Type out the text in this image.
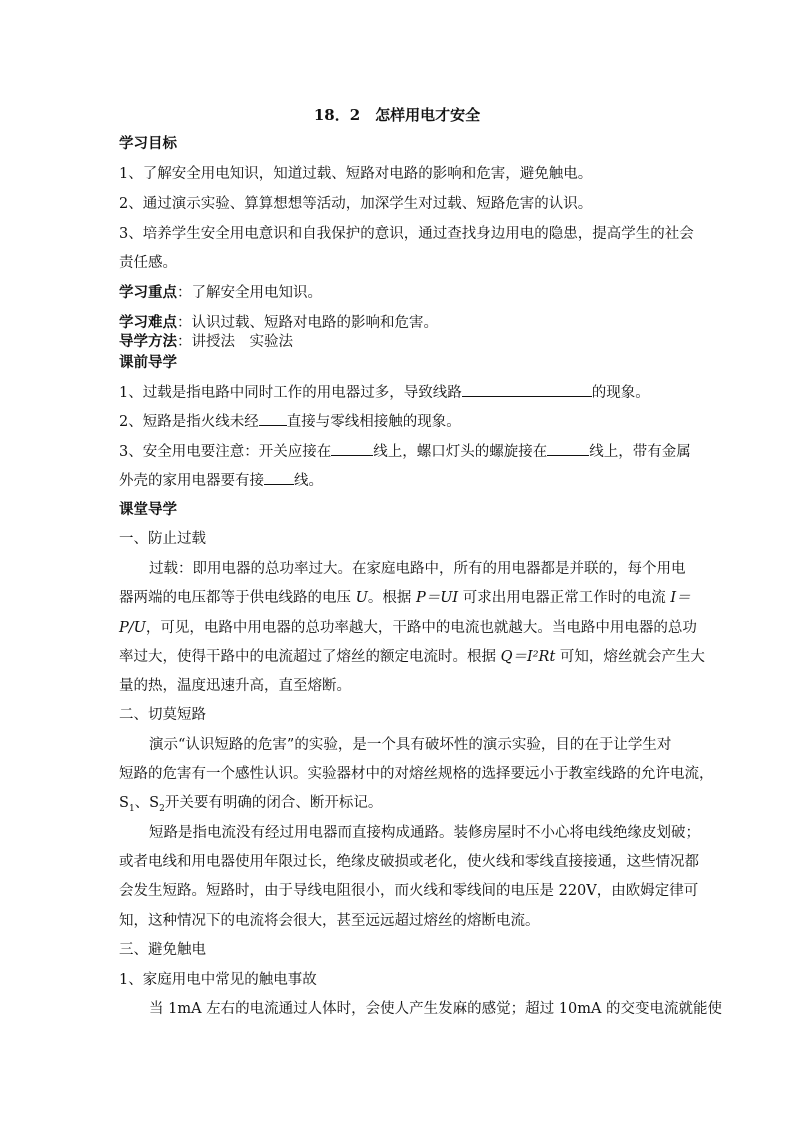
18．2　怎样用电才安全
学习目标
1、了解安全用电知识，知道过载、短路对电路的影响和危害，避免触电。
2、通过演示实验、算算想想等活动，加深学生对过载、短路危害的认识。
3、培养学生安全用电意识和自我保护的意识，通过查找身边用电的隐患，提高学生的社会
责任感。
学习重点：了解安全用电知识。
学习难点：认识过载、短路对电路的影响和危害。
导学方法：讲授法　实验法
课前导学
1、过载是指电路中同时工作的用电器过多，导致线路	的现象。
2、短路是指火线未经 直接与零线相接触的现象。
3、安全用电要注意：开关应接在	线上，螺口灯头的螺旋接在	线上，带有金属
外壳的家用电器要有接 线。
课堂导学
一、防止过载
过载：即用电器的总功率过大。在家庭电路中，所有的用电器都是并联的，每个用电
器两端的电压都等于供电线路的电压 U。根据 P＝UI 可求出用电器正常工作时的电流 I＝
P/U，可见，电路中用电器的总功率越大，干路中的电流也就越大。当电路中用电器的总功
率过大，使得干路中的电流超过了熔丝的额定电流时。根据 Q＝I²Rt 可知，熔丝就会产生大
量的热，温度迅速升高，直至熔断。
二、切莫短路
演示“认识短路的危害”的实验，是一个具有破坏性的演示实验，目的在于让学生对
短路的危害有一个感性认识。实验器材中的对熔丝规格的选择要远小于教室线路的允许电流，
$S_1$、$S_2$开关要有明确的闭合、断开标记。
短路是指电流没有经过用电器而直接构成通路。装修房屋时不小心将电线绝缘皮划破；
或者电线和用电器使用年限过长，绝缘皮破损或老化，使火线和零线直接接通，这些情况都
会发生短路。短路时，由于导线电阻很小，而火线和零线间的电压是 220V，由欧姆定律可
知，这种情况下的电流将会很大，甚至远远超过熔丝的熔断电流。
三、避免触电
1、家庭用电中常见的触电事故
当 1mA 左右的电流通过人体时，会使人产生发麻的感觉；超过 10mA 的交变电流就能使
